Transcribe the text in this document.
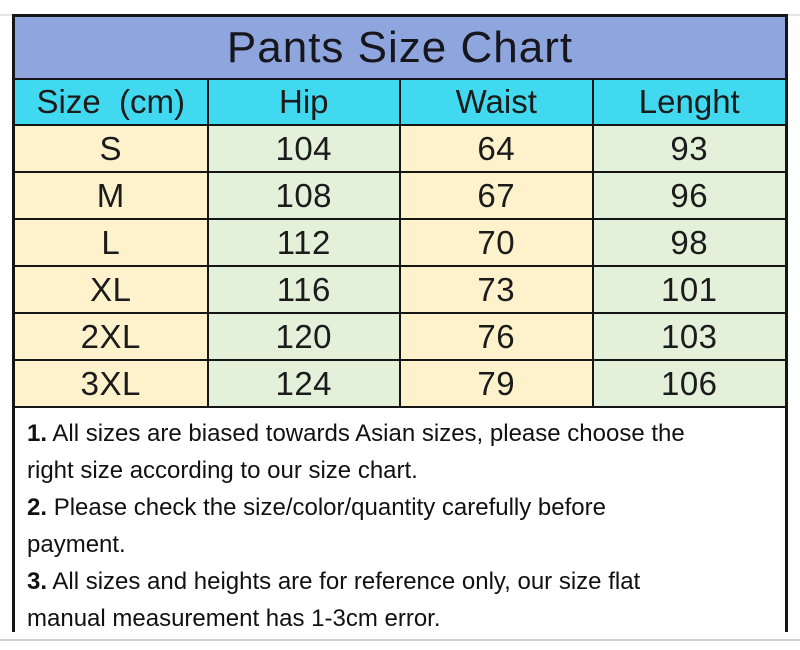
Pants Size Chart
Size  (cm)	Hip	Waist	Lenght
S	104	64	93
M	108	67	96
L	112	70	98
XL	116	73	101
2XL	120	76	103
3XL	124	79	106
1. All sizes are biased towards Asian sizes, please choose the
right size according to our size chart.
2. Please check the size/color/quantity carefully before
payment.
3. All sizes and heights are for reference only, our size flat
manual measurement has 1-3cm error.
